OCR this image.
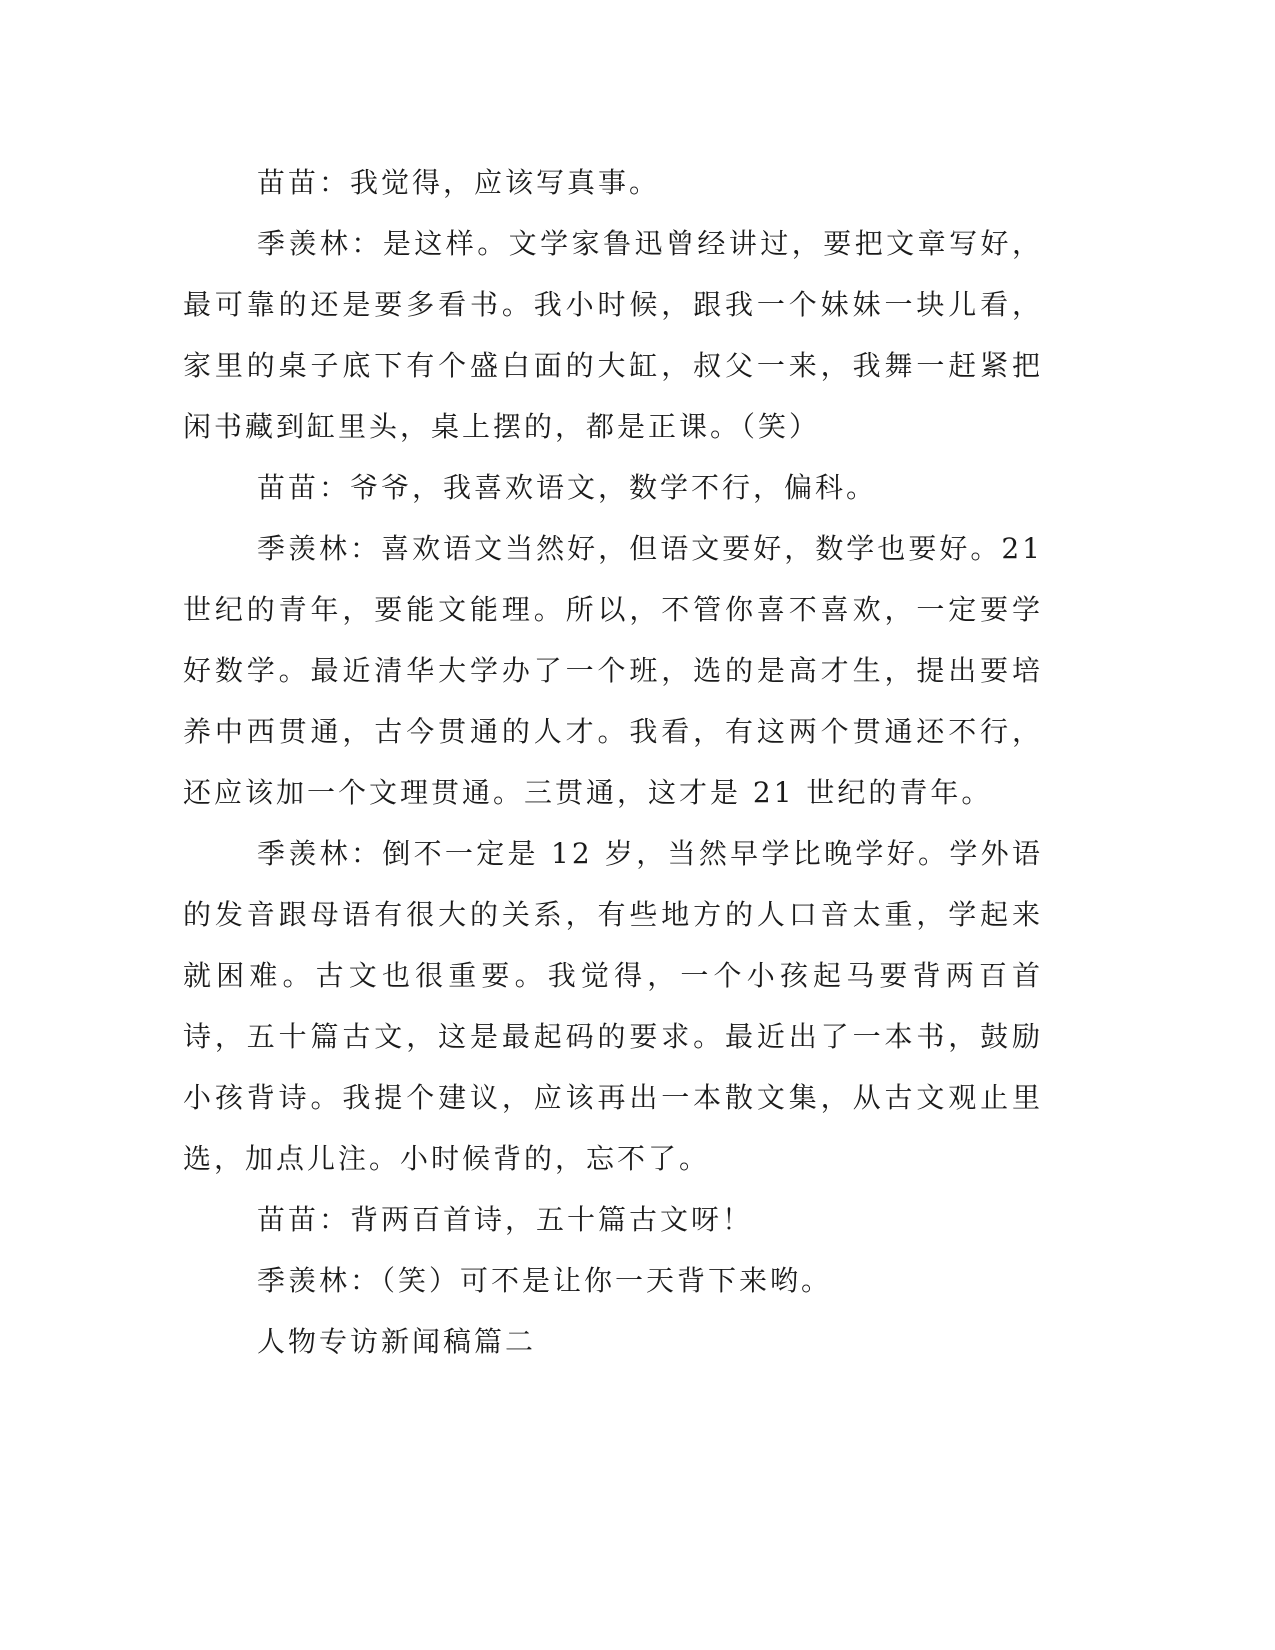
苗苗：我觉得，应该写真事。

季羡林：是这样。文学家鲁迅曾经讲过，要把文章写好，最可靠的还是要多看书。我小时候，跟我一个妹妹一块儿看，家里的桌子底下有个盛白面的大缸，叔父一来，我舞一赶紧把闲书藏到缸里头，桌上摆的，都是正课。（笑）

苗苗：爷爷，我喜欢语文，数学不行，偏科。

季羡林：喜欢语文当然好，但语文要好，数学也要好。21 世纪的青年，要能文能理。所以，不管你喜不喜欢，一定要学好数学。最近清华大学办了一个班，选的是高才生，提出要培养中西贯通，古今贯通的人才。我看，有这两个贯通还不行，还应该加一个文理贯通。三贯通，这才是 21 世纪的青年。

季羡林：倒不一定是 12 岁，当然早学比晚学好。学外语的发音跟母语有很大的关系，有些地方的人口音太重，学起来就困难。古文也很重要。我觉得，一个小孩起马要背两百首诗，五十篇古文，这是最起码的要求。最近出了一本书，鼓励小孩背诗。我提个建议，应该再出一本散文集，从古文观止里选，加点儿注。小时候背的，忘不了。

苗苗：背两百首诗，五十篇古文呀！

季羡林：（笑）可不是让你一天背下来哟。

人物专访新闻稿篇二
